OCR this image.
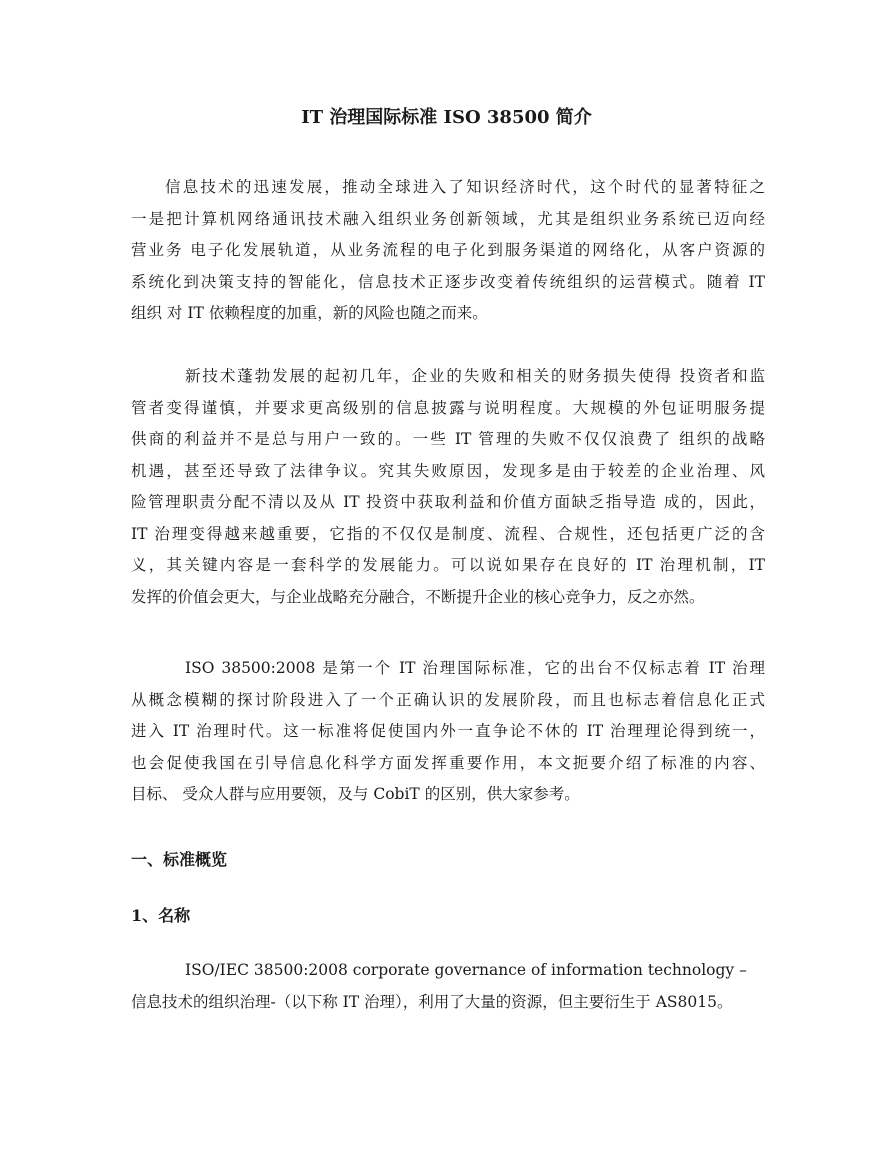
IT 治理国际标准 ISO 38500 简介
信息技术的迅速发展，推动全球进入了知识经济时代，这个时代的显著特征之
一是把计算机网络通讯技术融入组织业务创新领域，尤其是组织业务系统已迈向经
营业务 电子化发展轨道，从业务流程的电子化到服务渠道的网络化，从客户资源的
系统化到决策支持的智能化，信息技术正逐步改变着传统组织的运营模式。随着 IT
组织 对 IT 依赖程度的加重，新的风险也随之而来。
新技术蓬勃发展的起初几年，企业的失败和相关的财务损失使得 投资者和监
管者变得谨慎，并要求更高级别的信息披露与说明程度。大规模的外包证明服务提
供商的利益并不是总与用户一致的。一些 IT 管理的失败不仅仅浪费了 组织的战略
机遇，甚至还导致了法律争议。究其失败原因，发现多是由于较差的企业治理、风
险管理职责分配不清以及从 IT 投资中获取利益和价值方面缺乏指导造 成的，因此，
IT 治理变得越来越重要，它指的不仅仅是制度、流程、合规性，还包括更广泛的含
义，其关键内容是一套科学的发展能力。可以说如果存在良好的 IT 治理机制，IT
发挥的价值会更大，与企业战略充分融合，不断提升企业的核心竞争力，反之亦然。
ISO 38500:2008 是第一个 IT 治理国际标准，它的出台不仅标志着 IT 治理
从概念模糊的探讨阶段进入了一个正确认识的发展阶段，而且也标志着信息化正式
进入 IT 治理时代。这一标准将促使国内外一直争论不休的 IT 治理理论得到统一，
也会促使我国在引导信息化科学方面发挥重要作用，本文扼要介绍了标准的内容、
目标、 受众人群与应用要领，及与 CobiT 的区别，供大家参考。
一、标准概览
1、名称
ISO/IEC 38500:2008 corporate governance of information technology –
信息技术的组织治理-（以下称 IT 治理），利用了大量的资源，但主要衍生于 AS8015。
